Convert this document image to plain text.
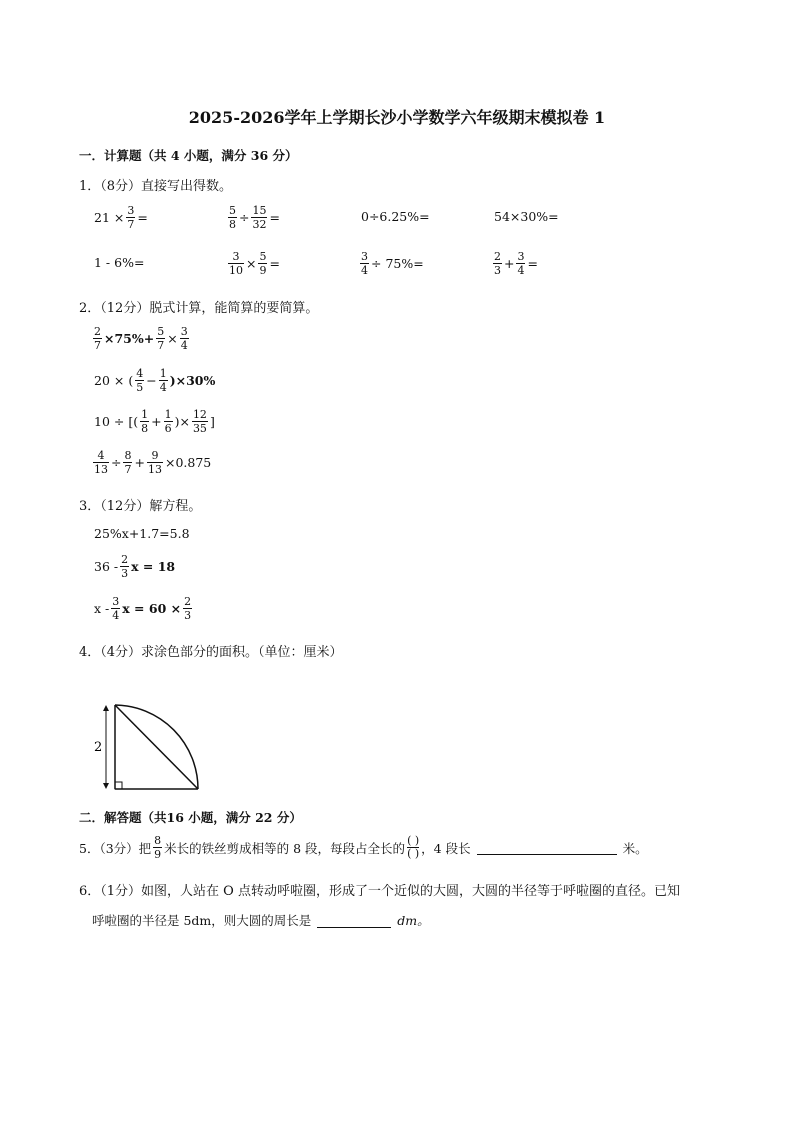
2025-2026学年上学期长沙小学数学六年级期末模拟卷 1
一．计算题（共 4 小题，满分 36 分）
1．（8分）直接写出得数。
$21 \times \frac{3}{7}$ =	$\frac{5}{8} \div \frac{15}{32}$ =	0÷6.25%=	54×30%=
1 - 6%=	$\frac{3}{10} \times \frac{5}{9}$ =	$\frac{3}{4} \div 75\%=$	$\frac{2}{3} + \frac{3}{4}$ =
2．（12分）脱式计算，能简算的要简算。
$\frac{2}{7} \times 75\%+ \frac{5}{7} \times \frac{3}{4}$
20 × ( $\frac{4}{5} - \frac{1}{4} )\times 30\%$
10 ÷ [( $\frac{1}{8} + \frac{1}{6}$ )× $\frac{12}{35}$ ]
$\frac{4}{13} \div \frac{8}{7} + \frac{9}{13} \times 0.875$
3．（12分）解方程。
25%x+1.7=5.8
$36 - \frac{2}{3}$ x = 18
x - $\frac{3}{4}$ $x = 60 \times \frac{2}{3}$
4．（4分）求涂色部分的面积。（单位：厘米）
2
二．解答题（共16 小题，满分 22 分）
5．（3分）把 $\frac{8}{9}$ 米长的铁丝剪成相等的 8 段，每段占全长的 $\frac{( )}{( )}$ ，4 段长	米。
6．（1分）如图，人站在 O 点转动呼啦圈，形成了一个近似的大圆，大圆的半径等于呼啦圈的直径。已知
呼啦圈的半径是 5dm，则大圆的周长是	dm。
